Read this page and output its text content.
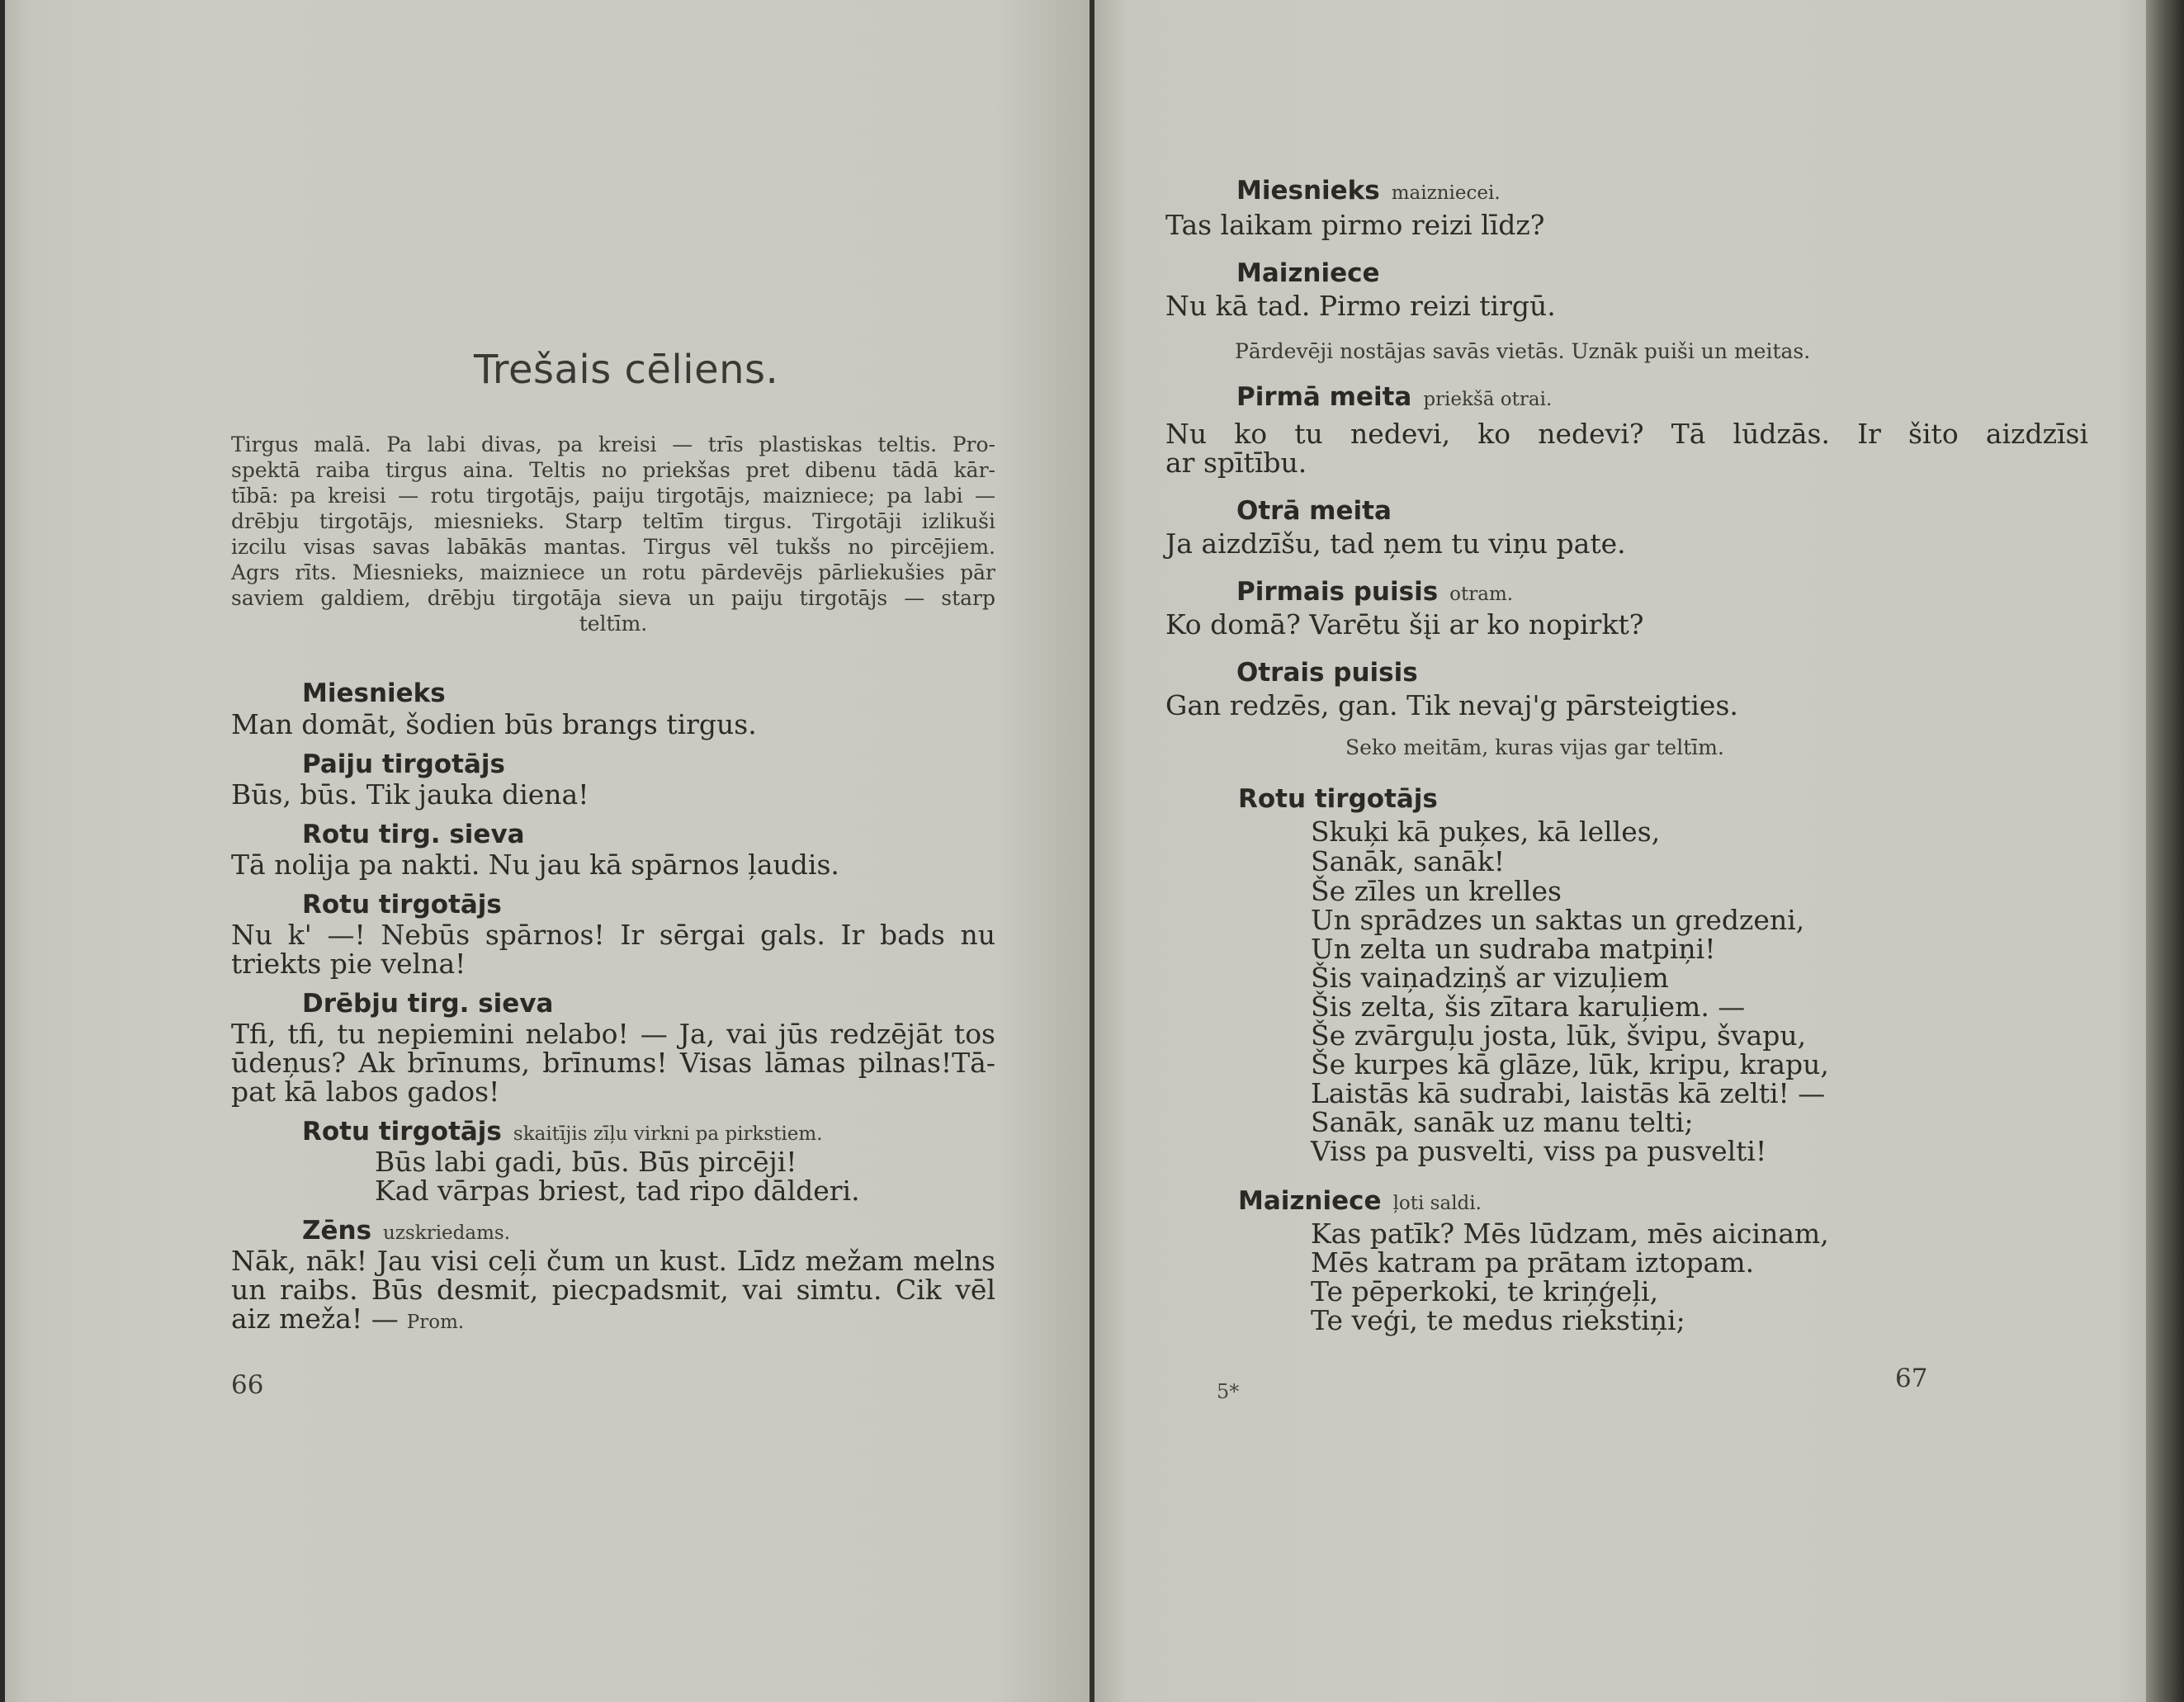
Trešais cēliens.
Tirgus malā. Pa labi divas, pa kreisi — trīs plastiskas teltis. Pro-
spektā raiba tirgus aina. Teltis no priekšas pret dibenu tādā kār-
tībā: pa kreisi — rotu tirgotājs, paiju tirgotājs, maizniece; pa labi —
drēbju tirgotājs, miesnieks. Starp teltīm tirgus. Tirgotāji izlikuši
izcilu visas savas labākās mantas. Tirgus vēl tukšs no pircējiem.
Agrs rīts. Miesnieks, maizniece un rotu pārdevējs pārliekušies pār
saviem galdiem, drēbju tirgotāja sieva un paiju tirgotājs — starp
teltīm.
Miesnieks
Man domāt, šodien būs brangs tirgus.
Paiju tirgotājs
Būs, būs. Tik jauka diena!
Rotu tirg. sieva
Tā nolija pa nakti. Nu jau kā spārnos ļaudis.
Rotu tirgotājs
Nu k' —! Nebūs spārnos! Ir sērgai gals. Ir bads nu
triekts pie velna!
Drēbju tirg. sieva
Tfi, tfi, tu nepiemini nelabo! — Ja, vai jūs redzējāt tos
ūdeņus? Ak brīnums, brīnums! Visas lāmas pilnas!Tā-
pat kā labos gados!
Rotu tirgotājs skaitījis zīļu virkni pa pirkstiem.
Būs labi gadi, būs. Būs pircēji!
Kad vārpas briest, tad ripo dālderi.
Zēns uzskriedams.
Nāk, nāk! Jau visi ceļi čum un kust. Līdz mežam melns
un raibs. Būs desmit, piecpadsmit, vai simtu. Cik vēl
aiz meža! — Prom.
66
Miesnieks maizniecei.
Tas laikam pirmo reizi līdz?
Maizniece
Nu kā tad. Pirmo reizi tirgū.
Pārdevēji nostājas savās vietās. Uznāk puiši un meitas.
Pirmā meita priekšā otrai.
Nu ko tu nedevi, ko nedevi? Tā lūdzās. Ir šito aizdzīsi
ar spītību.
Otrā meita
Ja aizdzīšu, tad ņem tu viņu pate.
Pirmais puisis otram.
Ko domā? Varētu šįi ar ko nopirkt?
Otrais puisis
Gan redzēs, gan. Tik nevaj'g pārsteigties.
Seko meitām, kuras vijas gar teltīm.
Rotu tirgotājs
Skuķi kā puķes, kā lelles,
Sanāk, sanāk!
Še zīles un krelles
Un sprādzes un saktas un gredzeni,
Un zelta un sudraba matpiņi!
Šis vaiņadziņš ar vizuļiem
Šis zelta, šis zītara karuļiem. —
Še zvārguļu josta, lūk, švipu, švapu,
Še kurpes kā glāze, lūk, kripu, krapu,
Laistās kā sudrabi, laistās kā zelti! —
Sanāk, sanāk uz manu telti;
Viss pa pusvelti, viss pa pusvelti!
Maizniece ļoti saldi.
Kas patīk? Mēs lūdzam, mēs aicinam,
Mēs katram pa prātam iztopam.
Te pēperkoki, te kriņģeļi,
Te veģi, te medus riekstiņi;
5*	67
